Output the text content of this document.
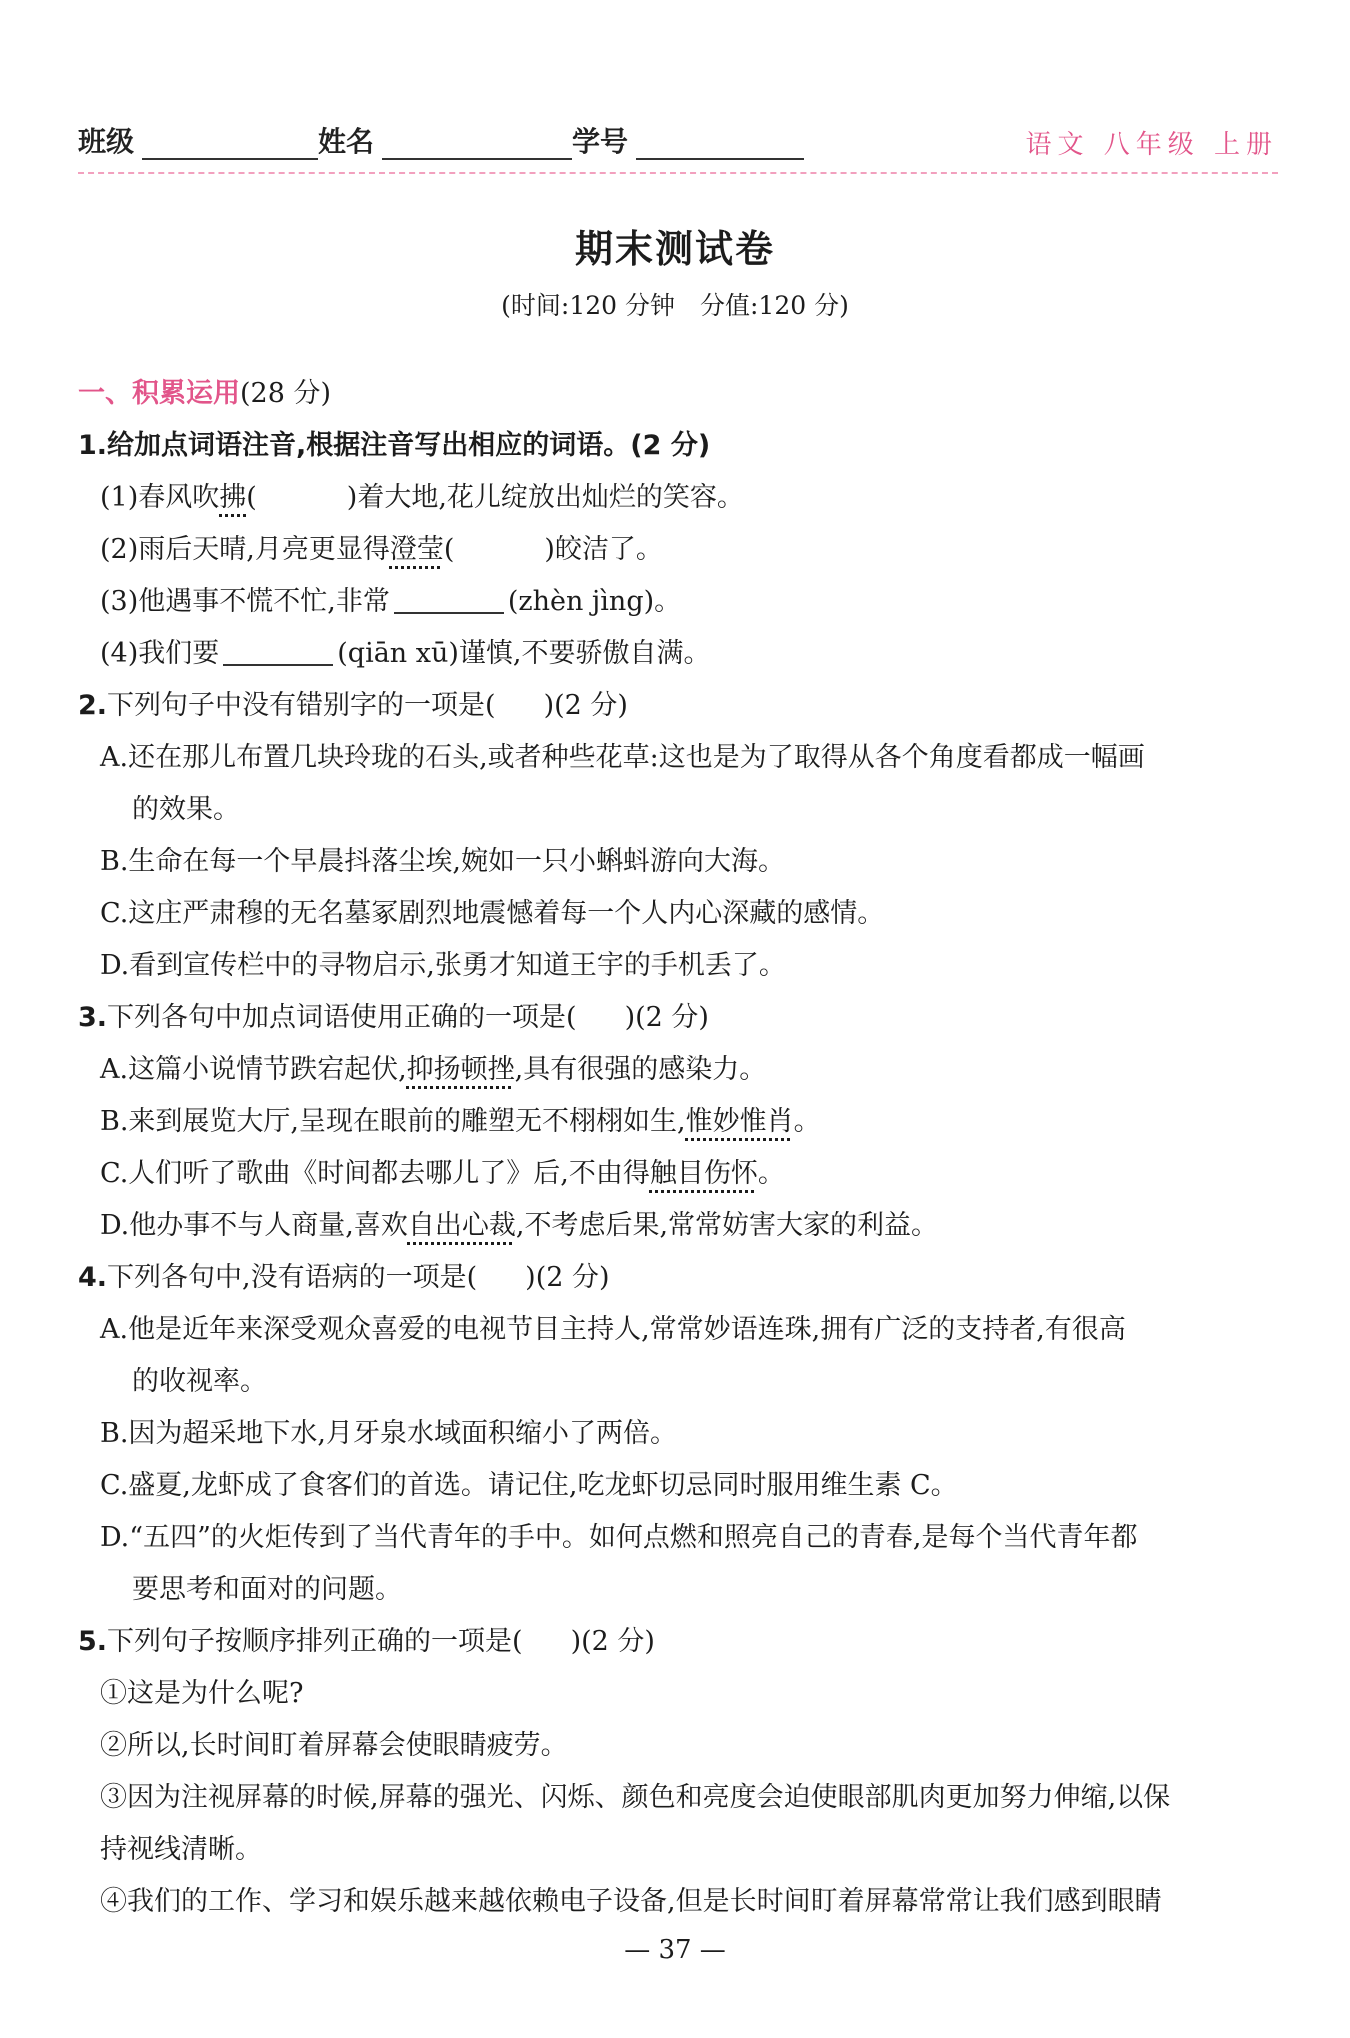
班级	姓名	学号	语文 八年级 上册
期末测试卷
(时间:120 分钟　分值:120 分)
一、积累运用(28 分)
1.给加点词语注音,根据注音写出相应的词语。(2 分)
(1)春风吹拂(	)着大地,花儿绽放出灿烂的笑容。
(2)雨后天晴,月亮更显得澄莹(	)皎洁了。
(3)他遇事不慌不忙,非常	(zhèn jìng)。
(4)我们要	(qiān xū)谨慎,不要骄傲自满。
2.下列句子中没有错别字的一项是( )(2 分)
A.还在那儿布置几块玲珑的石头,或者种些花草:这也是为了取得从各个角度看都成一幅画
的效果。
B.生命在每一个早晨抖落尘埃,婉如一只小蝌蚪游向大海。
C.这庄严肃穆的无名墓冢剧烈地震憾着每一个人内心深藏的感情。
D.看到宣传栏中的寻物启示,张勇才知道王宇的手机丢了。
3.下列各句中加点词语使用正确的一项是( )(2 分)
A.这篇小说情节跌宕起伏,抑扬顿挫,具有很强的感染力。
B.来到展览大厅,呈现在眼前的雕塑无不栩栩如生,惟妙惟肖。
C.人们听了歌曲《时间都去哪儿了》后,不由得触目伤怀。
D.他办事不与人商量,喜欢自出心裁,不考虑后果,常常妨害大家的利益。
4.下列各句中,没有语病的一项是( )(2 分)
A.他是近年来深受观众喜爱的电视节目主持人,常常妙语连珠,拥有广泛的支持者,有很高
的收视率。
B.因为超采地下水,月牙泉水域面积缩小了两倍。
C.盛夏,龙虾成了食客们的首选。请记住,吃龙虾切忌同时服用维生素 C。
D.“五四”的火炬传到了当代青年的手中。如何点燃和照亮自己的青春,是每个当代青年都
要思考和面对的问题。
5.下列句子按顺序排列正确的一项是( )(2 分)
①这是为什么呢?
②所以,长时间盯着屏幕会使眼睛疲劳。
③因为注视屏幕的时候,屏幕的强光、闪烁、颜色和亮度会迫使眼部肌肉更加努力伸缩,以保
持视线清晰。
④我们的工作、学习和娱乐越来越依赖电子设备,但是长时间盯着屏幕常常让我们感到眼睛
— 37 —
